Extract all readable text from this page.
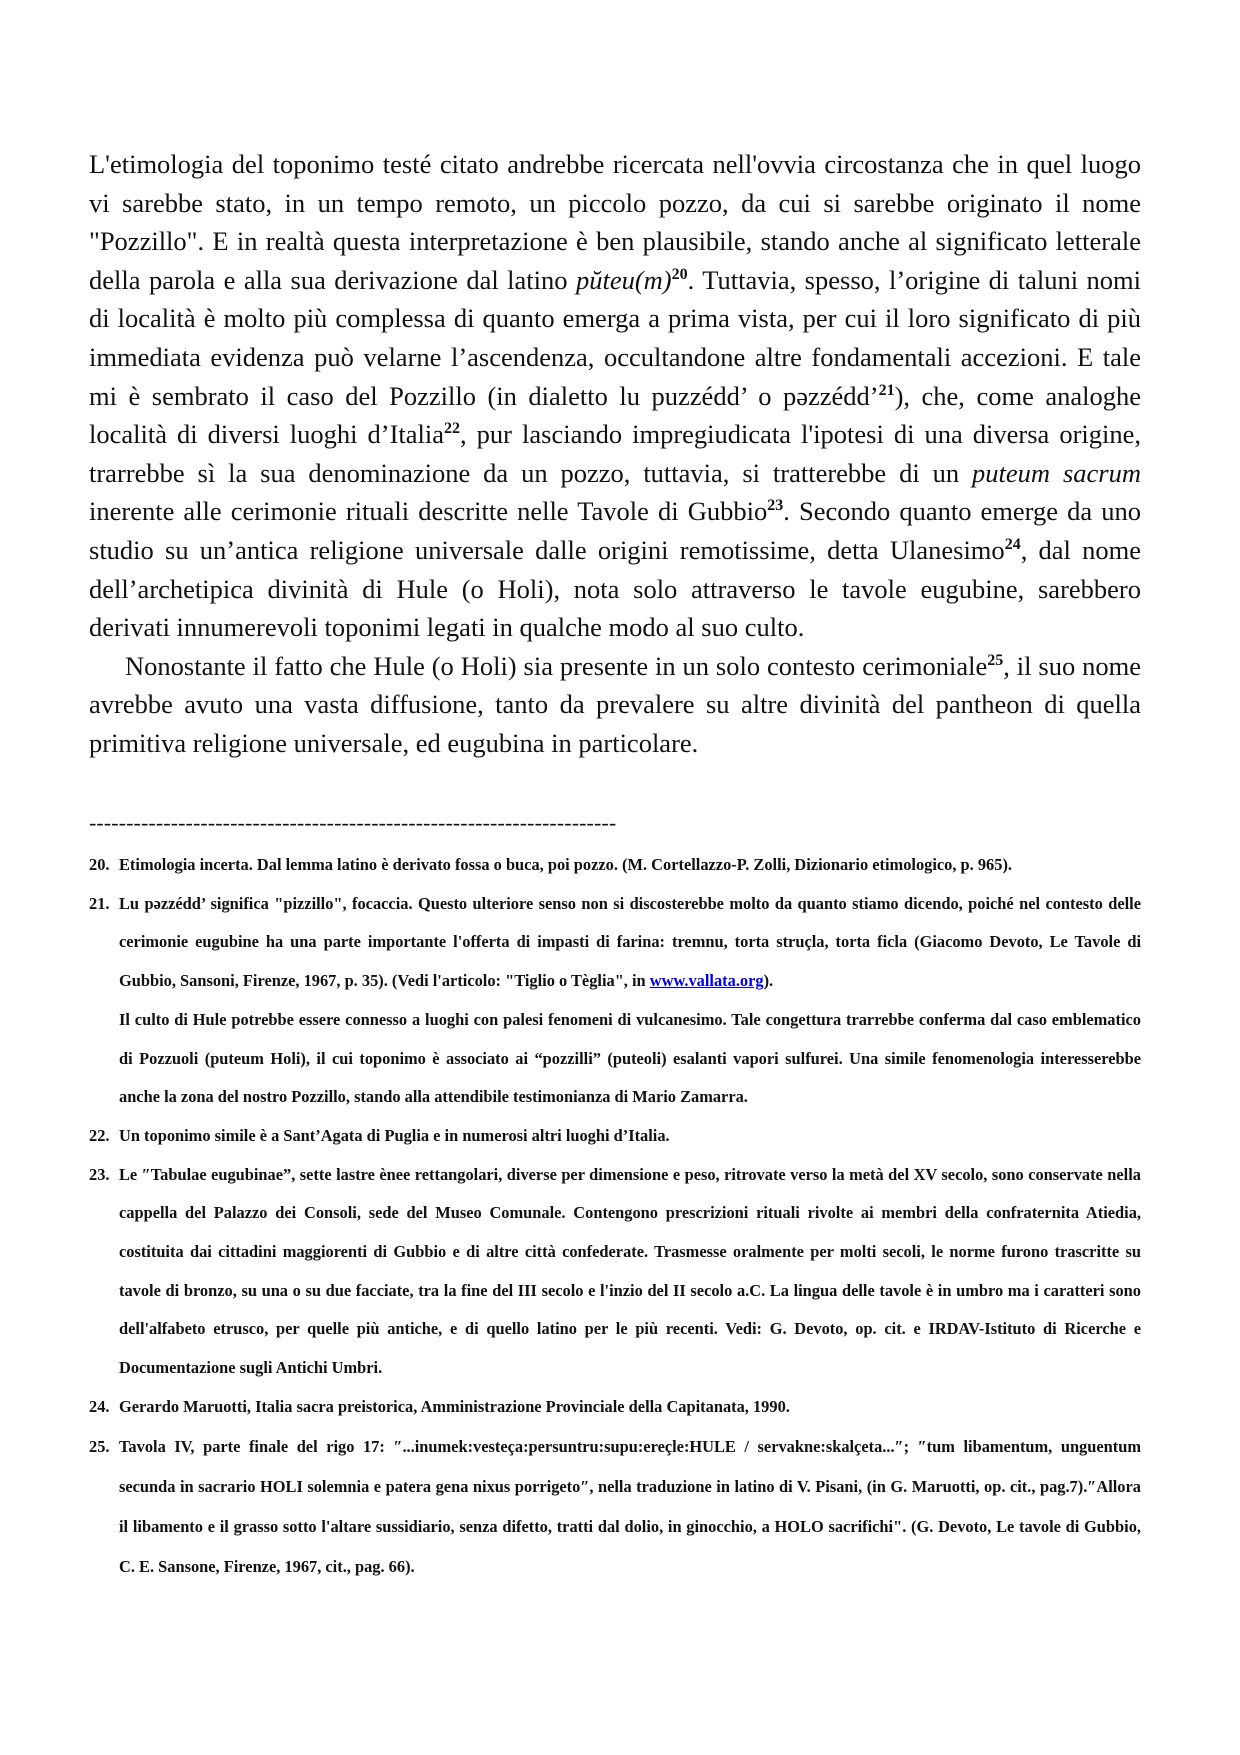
L'etimologia del toponimo testé citato andrebbe ricercata nell'ovvia circostanza che in quel luogo vi sarebbe stato, in un tempo remoto, un piccolo pozzo, da cui si sarebbe originato il nome "Pozzillo". E in realtà questa interpretazione è ben plausibile, stando anche al significato letterale della parola e alla sua derivazione dal latino $pŭteu(m)^{20}$. Tuttavia, spesso, l’origine di taluni nomi di località è molto più complessa di quanto emerga a prima vista, per cui il loro significato di più immediata evidenza può velarne l’ascendenza, occultandone altre fondamentali accezioni. E tale mi è sembrato il caso del Pozzillo (in dialetto lu puzzédd’ o pəzzédd’$^{21}$), che, come analoghe località di diversi luoghi d’Italia$^{22}$, pur lasciando impregiudicata l'ipotesi di una diversa origine, trarrebbe sì la sua denominazione da un pozzo, tuttavia, si tratterebbe di un puteum sacrum inerente alle cerimonie rituali descritte nelle Tavole di Gubbio$^{23}$. Secondo quanto emerge da uno studio su un’antica religione universale dalle origini remotissime, detta Ulanesimo$^{24}$, dal nome dell’archetipica divinità di Hule (o Holi), nota solo attraverso le tavole eugubine, sarebbero derivati innumerevoli toponimi legati in qualche modo al suo culto.

Nonostante il fatto che Hule (o Holi) sia presente in un solo contesto cerimoniale$^{25}$, il suo nome avrebbe avuto una vasta diffusione, tanto da prevalere su altre divinità del pantheon di quella primitiva religione universale, ed eugubina in particolare.

-----------------------------------------------------------------------
20. Etimologia incerta. Dal lemma latino è derivato fossa o buca, poi pozzo. (M. Cortellazzo-P. Zolli, Dizionario etimologico, p. 965).
21. Lu pəzzédd’ significa "pizzillo", focaccia. Questo ulteriore senso non si discosterebbe molto da quanto stiamo dicendo, poiché nel contesto delle cerimonie eugubine ha una parte importante l'offerta di impasti di farina: tremnu, torta struçla, torta ficla (Giacomo Devoto, Le Tavole di Gubbio, Sansoni, Firenze, 1967, p. 35). (Vedi l'articolo: "Tiglio o Tèglia", in www.vallata.org).
Il culto di Hule potrebbe essere connesso a luoghi con palesi fenomeni di vulcanesimo. Tale congettura trarrebbe conferma dal caso emblematico di Pozzuoli (puteum Holi), il cui toponimo è associato ai “pozzilli” (puteoli) esalanti vapori sulfurei. Una simile fenomenologia interesserebbe anche la zona del nostro Pozzillo, stando alla attendibile testimonianza di Mario Zamarra.
22. Un toponimo simile è a Sant’Agata di Puglia e in numerosi altri luoghi d’Italia.
23. Le ″Tabulae eugubinae”, sette lastre ènee rettangolari, diverse per dimensione e peso, ritrovate verso la metà del XV secolo, sono conservate nella cappella del Palazzo dei Consoli, sede del Museo Comunale. Contengono prescrizioni rituali rivolte ai membri della confraternita Atiedia, costituita dai cittadini maggiorenti di Gubbio e di altre città confederate. Trasmesse oralmente per molti secoli, le norme furono trascritte su tavole di bronzo, su una o su due facciate, tra la fine del III secolo e l'inzio del II secolo a.C. La lingua delle tavole è in umbro ma i caratteri sono dell'alfabeto etrusco, per quelle più antiche, e di quello latino per le più recenti. Vedi: G. Devoto, op. cit. e IRDAV-Istituto di Ricerche e Documentazione sugli Antichi Umbri.
24. Gerardo Maruotti, Italia sacra preistorica, Amministrazione Provinciale della Capitanata, 1990.
25. Tavola IV, parte finale del rigo 17: ″...inumek:vesteça:persuntru:supu:ereçle:HULE / servakne:skalçeta...″; ″tum libamentum, unguentum secunda in sacrario HOLI solemnia e patera gena nixus porrigeto″, nella traduzione in latino di V. Pisani, (in G. Maruotti, op. cit., pag.7).″Allora il libamento e il grasso sotto l'altare sussidiario, senza difetto, tratti dal dolio, in ginocchio, a HOLO sacrifichi". (G. Devoto, Le tavole di Gubbio, C. E. Sansone, Firenze, 1967, cit., pag. 66).
